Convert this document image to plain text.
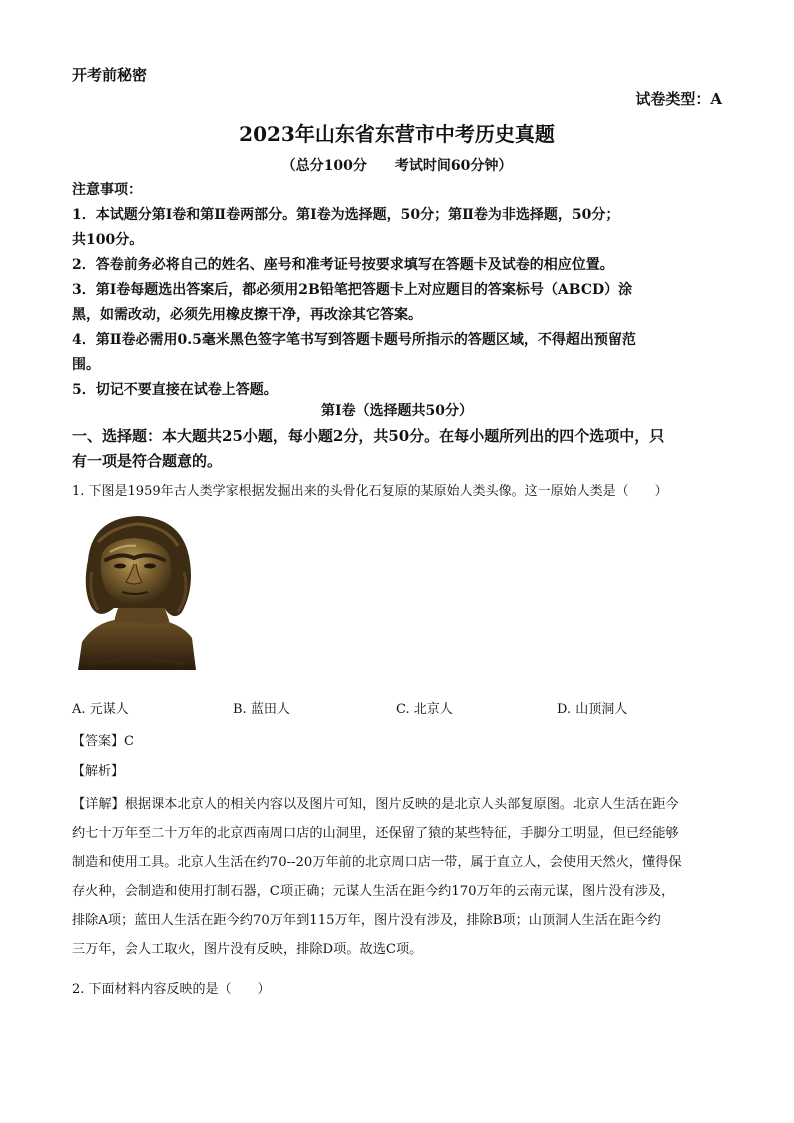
开考前秘密
试卷类型：A
2023年山东省东营市中考历史真题
（总分100分　　考试时间60分钟）

注意事项：

1．本试题分第Ⅰ卷和第Ⅱ卷两部分。第Ⅰ卷为选择题，50分；第Ⅱ卷为非选择题，50分；

共100分。

2．答卷前务必将自己的姓名、座号和准考证号按要求填写在答题卡及试卷的相应位置。

3．第Ⅰ卷每题选出答案后，都必须用2B铅笔把答题卡上对应题目的答案标号（ABCD）涂

黑，如需改动，必须先用橡皮擦干净，再改涂其它答案。

4．第Ⅱ卷必需用0.5毫米黑色签字笔书写到答题卡题号所指示的答题区域，不得超出预留范

围。

5．切记不要直接在试卷上答题。

第Ⅰ卷（选择题共50分）
一、选择题：本大题共25小题，每小题2分，共50分。在每小题所列出的四个选项中，只
有一项是符合题意的。
1. 下图是1959年古人类学家根据发掘出来的头骨化石复原的某原始人类头像。这一原始人类是（　　）
A. 元谋人	B. 蓝田人	C. 北京人	D. 山顶洞人
【答案】C
【解析】
【详解】根据课本北京人的相关内容以及图片可知，图片反映的是北京人头部复原图。北京人生活在距今
约七十万年至二十万年的北京西南周口店的山洞里，还保留了猿的某些特征，手脚分工明显，但已经能够
制造和使用工具。北京人生活在约70--20万年前的北京周口店一带，属于直立人，会使用天然火，懂得保
存火种，会制造和使用打制石器，C项正确；元谋人生活在距今约170万年的云南元谋，图片没有涉及，
排除A项；蓝田人生活在距今约70万年到115万年，图片没有涉及，排除B项；山顶洞人生活在距今约
三万年，会人工取火，图片没有反映，排除D项。故选C项。
2. 下面材料内容反映的是（　　）
